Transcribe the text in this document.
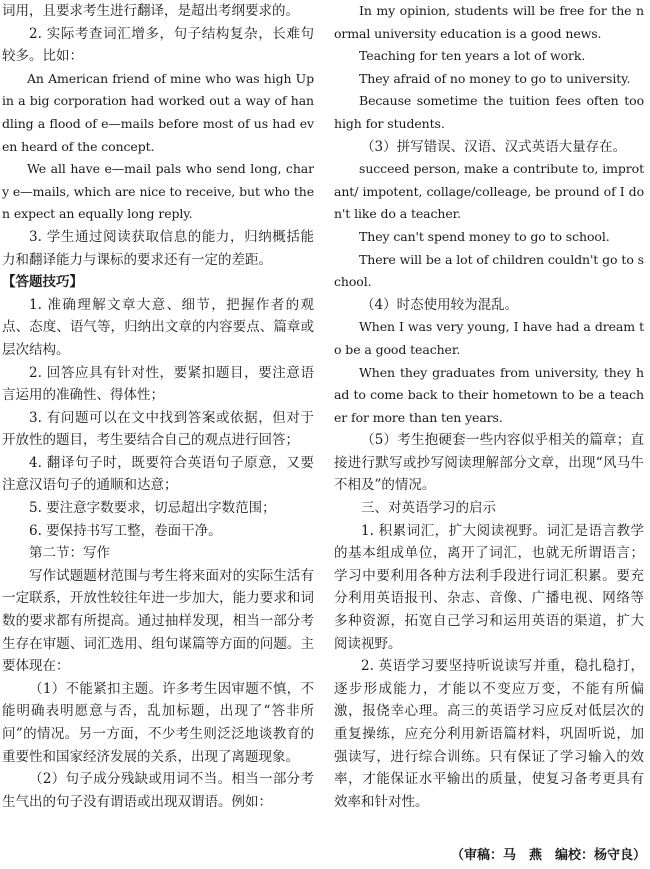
词用，且要求考生进行翻译，是超出考纲要求的。

2. 实际考查词汇增多，句子结构复杂，长难句较多。比如：

An American friend of mine who was high Up in a big corporation had worked out a way of handling a flood of e—mails before most of us had even heard of the concept.

We all have e—mail pals who send long, chary e—mails, which are nice to receive, but who then expect an equally long reply.

3. 学生通过阅读获取信息的能力，归纳概括能力和翻译能力与课标的要求还有一定的差距。

【答题技巧】

1. 准确理解文章大意、细节，把握作者的观点、态度、语气等，归纳出文章的内容要点、篇章或层次结构。

2. 回答应具有针对性，要紧扣题目，要注意语言运用的准确性、得体性；

3. 有问题可以在文中找到答案或依据，但对于开放性的题目，考生要结合自己的观点进行回答；

4. 翻译句子时，既要符合英语句子原意，又要注意汉语句子的通顺和达意；

5. 要注意字数要求，切忌超出字数范围；

6. 要保持书写工整，卷面干净。

第二节：写作

写作试题题材范围与考生将来面对的实际生活有一定联系，开放性较往年进一步加大，能力要求和词数的要求都有所提高。通过抽样发现，相当一部分考生存在审题、词汇选用、组句谋篇等方面的问题。主要体现在：

（1）不能紧扣主题。许多考生因审题不慎，不能明确表明愿意与否，乱加标题，出现了“答非所问”的情况。另一方面，不少考生则泛泛地谈教育的重要性和国家经济发展的关系，出现了离题现象。

（2）句子成分残缺或用词不当。相当一部分考生气出的句子没有谓语或出现双谓语。例如：

In my opinion, students will be free for the normal university education is a good news.

Teaching for ten years a lot of work.

They afraid of no money to go to university.

Because sometime the tuition fees often too high for students.

（3）拼写错误、汉语、汉式英语大量存在。

succeed person, make a contribute to, improtant/ impotent, collage/colleage, be pround of I don't like do a teacher.

They can't spend money to go to school.

There will be a lot of children couldn't go to school.

（4）时态使用较为混乱。

When I was very young, I have had a dream to be a good teacher.

When they graduates from university, they had to come back to their hometown to be a teacher for more than ten years.

（5）考生抱硬套一些内容似乎相关的篇章；直接进行默写或抄写阅读理解部分文章，出现“风马牛不相及”的情况。

三、对英语学习的启示

1. 积累词汇，扩大阅读视野。词汇是语言教学的基本组成单位，离开了词汇，也就无所谓语言；学习中要利用各种方法利手段进行词汇积累。要充分利用英语报刊、杂志、音像、广播电视、网络等多种资源，拓宽自己学习和运用英语的渠道，扩大阅读视野。

2. 英语学习要坚持听说读写并重，稳扎稳打，逐步形成能力，才能以不变应万变，不能有所偏激，报侥幸心理。高三的英语学习应反对低层次的重复操练，应充分利用新语篇材料，巩固听说，加强读写，进行综合训练。只有保证了学习输入的效率，才能保证水平输出的质量，使复习备考更具有效率和针对性。

（审稿：马　燕　编校：杨守良）
